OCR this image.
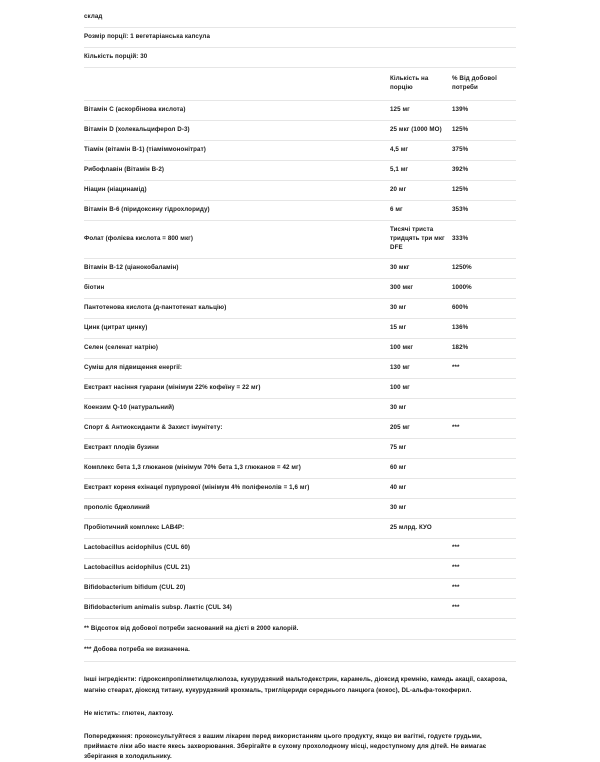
склад		
Розмір порції: 1 вегетаріанська капсула		
Кількість порцій: 30		
	Кількість на порцію	% Від добової потреби
Вітамін C (аскорбінова кислота)	125 мг	139%
Вітамін D (холекальциферол D-3)	25 мкг (1000 МО)	125%
Тіамін (вітамін B-1) (тіаміммононітрат)	4,5 мг	375%
Рибофлавін (Вітамін B-2)	5,1 мг	392%
Ніацин (ніацинамід)	20 мг	125%
Вітамін B-6 (піридоксину гідрохлориду)	6 мг	353%
Фолат (фолієва кислота = 800 мкг)	Тисячі триста тридцять три мкг DFE	333%
Вітамін B-12 (ціанокобаламін)	30 мкг	1250%
біотин	300 мкг	1000%
Пантотенова кислота (д-пантотенат кальцію)	30 мг	600%
Цинк (цитрат цинку)	15 мг	136%
Селен (селенат натрію)	100 мкг	182%
Суміш для підвищення енергії:	130 мг	***
Екстракт насіння гуарани (мінімум 22% кофеїну = 22 мг)	100 мг	
Коензим Q-10 (натуральний)	30 мг	
Спорт & Антиоксиданти & Захист імунітету:	205 мг	***
Екстракт плодів бузини	75 мг	
Комплекс бета 1,3 глюканов (мінімум 70% бета 1,3 глюканов = 42 мг)	60 мг	
Екстракт кореня ехінацеї пурпурової (мінімум 4% поліфенолів = 1,6 мг)	40 мг	
прополіс бджолиний	30 мг	
Пробіотичний комплекс LAB4P:	25 млрд. КУО	
Lactobacillus acidophilus (CUL 60)		***
Lactobacillus acidophilus (CUL 21)		***
Bifidobacterium bifidum (CUL 20)		***
Bifidobacterium animalis subsp. Лактіс (CUL 34)		***
** Відсоток від добової потреби заснований на дієті в 2000 калорій.
*** Добова потреба не визначена.
Інші інгредієнти: гідроксипропілметилцелюлоза, кукурудзяний мальтодекстрин, карамель, діоксид кремнію, камедь акації, сахароза, магнію стеарат, діоксид титану, кукурудзяний крохмаль, тригліцериди середнього ланцюга (кокос), DL-альфа-токоферил.
Не містить: глютен, лактозу.
Попередження: проконсультуйтеся з вашим лікарем перед використанням цього продукту, якщо ви вагітні, годуєте грудьми, приймаєте ліки або маєте якесь захворювання. Зберігайте в сухому прохолодному місці, недоступному для дітей. Не вимагає зберігання в холодильнику.
